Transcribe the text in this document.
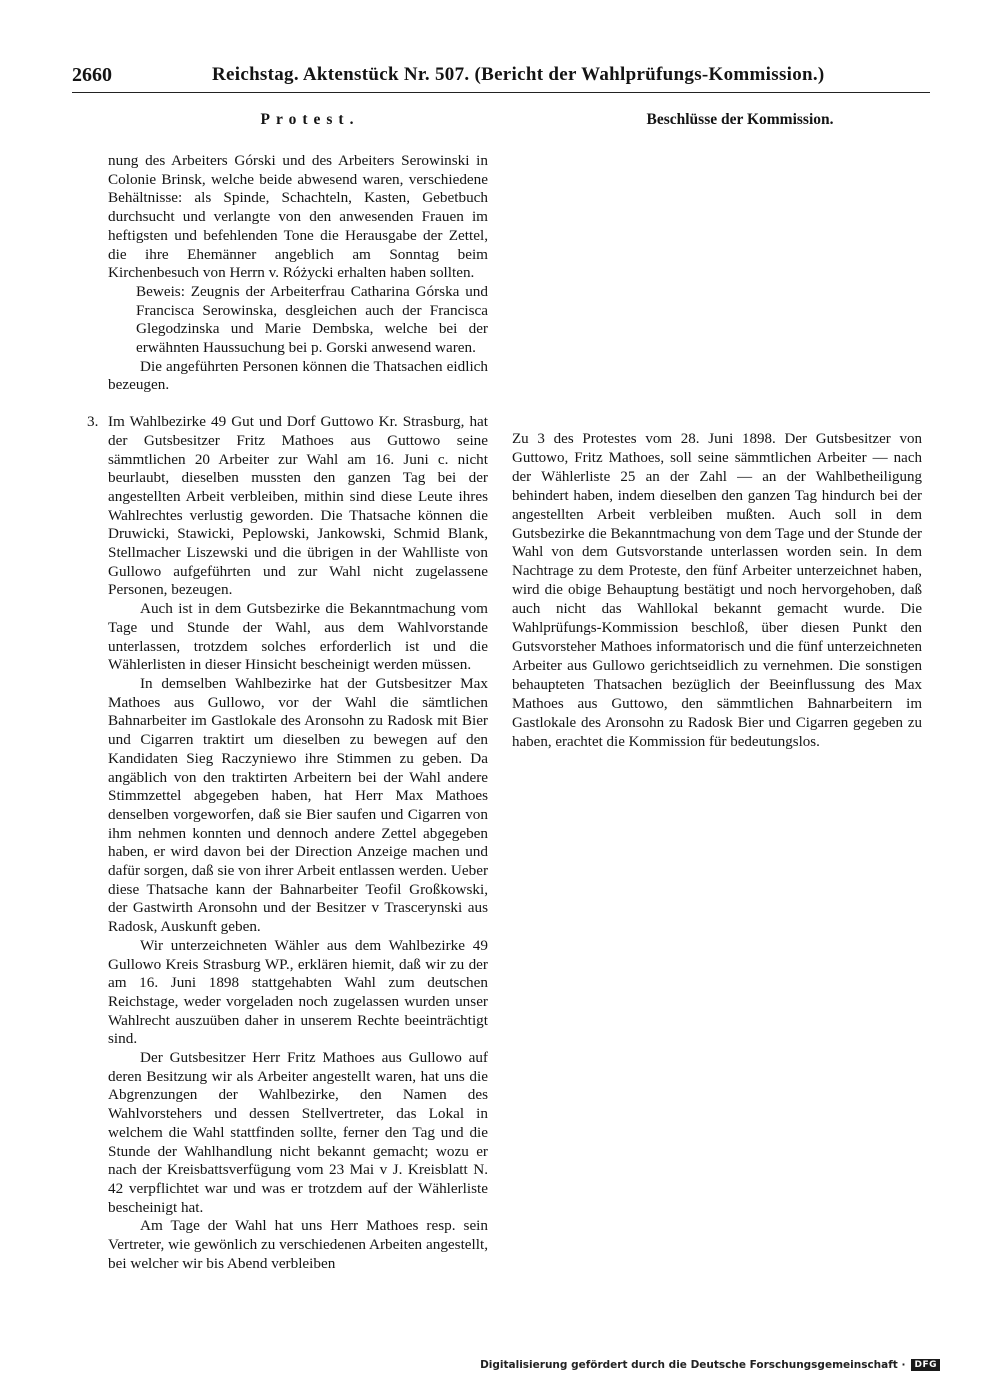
2660	Reichstag. Aktenstück Nr. 507. (Bericht der Wahlprüfungs-Kommission.)
Protest.	Beschlüsse der Kommission.

nung des Arbeiters Górski und des Arbeiters Serowinski in Colonie Brinsk, welche beide abwesend waren, verschiedene Behältnisse: als Spinde, Schachteln, Kasten, Gebetbuch durchsucht und verlangte von den anwesenden Frauen im heftigsten und befehlenden Tone die Herausgabe der Zettel, die ihre Ehemänner angeblich am Sonntag beim Kirchenbesuch von Herrn v. Różycki erhalten haben sollten.

Beweis: Zeugnis der Arbeiterfrau Catharina Górska und Francisca Serowinska, desgleichen auch der Francisca Glegodzinska und Marie Dembska, welche bei der erwähnten Haussuchung bei p. Gorski anwesend waren.

Die angeführten Personen können die Thatsachen eidlich bezeugen.

3. Im Wahlbezirke 49 Gut und Dorf Guttowo Kr. Strasburg, hat der Gutsbesitzer Fritz Mathoes aus Guttowo seine sämmtlichen 20 Arbeiter zur Wahl am 16. Juni c. nicht beurlaubt, dieselben mussten den ganzen Tag bei der angestellten Arbeit verbleiben, mithin sind diese Leute ihres Wahlrechtes verlustig geworden. Die Thatsache können die Druwicki, Stawicki, Peplowski, Jankowski, Schmid Blank, Stellmacher Liszewski und die übrigen in der Wahlliste von Gullowo aufgeführten und zur Wahl nicht zugelassene Personen, bezeugen.

Auch ist in dem Gutsbezirke die Bekanntmachung vom Tage und Stunde der Wahl, aus dem Wahlvorstande unterlassen, trotzdem solches erforderlich ist und die Wählerlisten in dieser Hinsicht bescheinigt werden müssen.

In demselben Wahlbezirke hat der Gutsbesitzer Max Mathoes aus Gullowo, vor der Wahl die sämtlichen Bahnarbeiter im Gastlokale des Aronsohn zu Radosk mit Bier und Cigarren traktirt um dieselben zu bewegen auf den Kandidaten Sieg Raczyniewo ihre Stimmen zu geben. Da angäblich von den traktirten Arbeitern bei der Wahl andere Stimmzettel abgegeben haben, hat Herr Max Mathoes denselben vorgeworfen, daß sie Bier saufen und Cigarren von ihm nehmen konnten und dennoch andere Zettel abgegeben haben, er wird davon bei der Direction Anzeige machen und dafür sorgen, daß sie von ihrer Arbeit entlassen werden. Ueber diese Thatsache kann der Bahnarbeiter Teofil Großkowski, der Gastwirth Aronsohn und der Besitzer v Trascerynski aus Radosk, Auskunft geben.

Wir unterzeichneten Wähler aus dem Wahlbezirke 49 Gullowo Kreis Strasburg WP., erklären hiemit, daß wir zu der am 16. Juni 1898 stattgehabten Wahl zum deutschen Reichstage, weder vorgeladen noch zugelassen wurden unser Wahlrecht auszuüben daher in unserem Rechte beeinträchtigt sind.

Der Gutsbesitzer Herr Fritz Mathoes aus Gullowo auf deren Besitzung wir als Arbeiter angestellt waren, hat uns die Abgrenzungen der Wahlbezirke, den Namen des Wahlvorstehers und dessen Stellvertreter, das Lokal in welchem die Wahl stattfinden sollte, ferner den Tag und die Stunde der Wahlhandlung nicht bekannt gemacht; wozu er nach der Kreisbattsverfügung vom 23 Mai v J. Kreisblatt N. 42 verpflichtet war und was er trotzdem auf der Wählerliste bescheinigt hat.

Am Tage der Wahl hat uns Herr Mathoes resp. sein Vertreter, wie gewönlich zu verschiedenen Arbeiten angestellt, bei welcher wir bis Abend verbleiben

Zu 3 des Protestes vom 28. Juni 1898. Der Gutsbesitzer von Guttowo, Fritz Mathoes, soll seine sämmtlichen Arbeiter — nach der Wählerliste 25 an der Zahl — an der Wahlbetheiligung behindert haben, indem dieselben den ganzen Tag hindurch bei der angestellten Arbeit verbleiben mußten. Auch soll in dem Gutsbezirke die Bekanntmachung von dem Tage und der Stunde der Wahl von dem Gutsvorstande unterlassen worden sein. In dem Nachtrage zu dem Proteste, den fünf Arbeiter unterzeichnet haben, wird die obige Behauptung bestätigt und noch hervorgehoben, daß auch nicht das Wahllokal bekannt gemacht wurde. Die Wahlprüfungs-Kommission beschloß, über diesen Punkt den Gutsvorsteher Mathoes informatorisch und die fünf unterzeichneten Arbeiter aus Gullowo gerichtseidlich zu vernehmen. Die sonstigen behaupteten Thatsachen bezüglich der Beeinflussung des Max Mathoes aus Guttowo, den sämmtlichen Bahnarbeitern im Gastlokale des Aronsohn zu Radosk Bier und Cigarren gegeben zu haben, erachtet die Kommission für bedeutungslos.

Digitalisierung gefördert durch die Deutsche Forschungsgemeinschaft ·	DFG
